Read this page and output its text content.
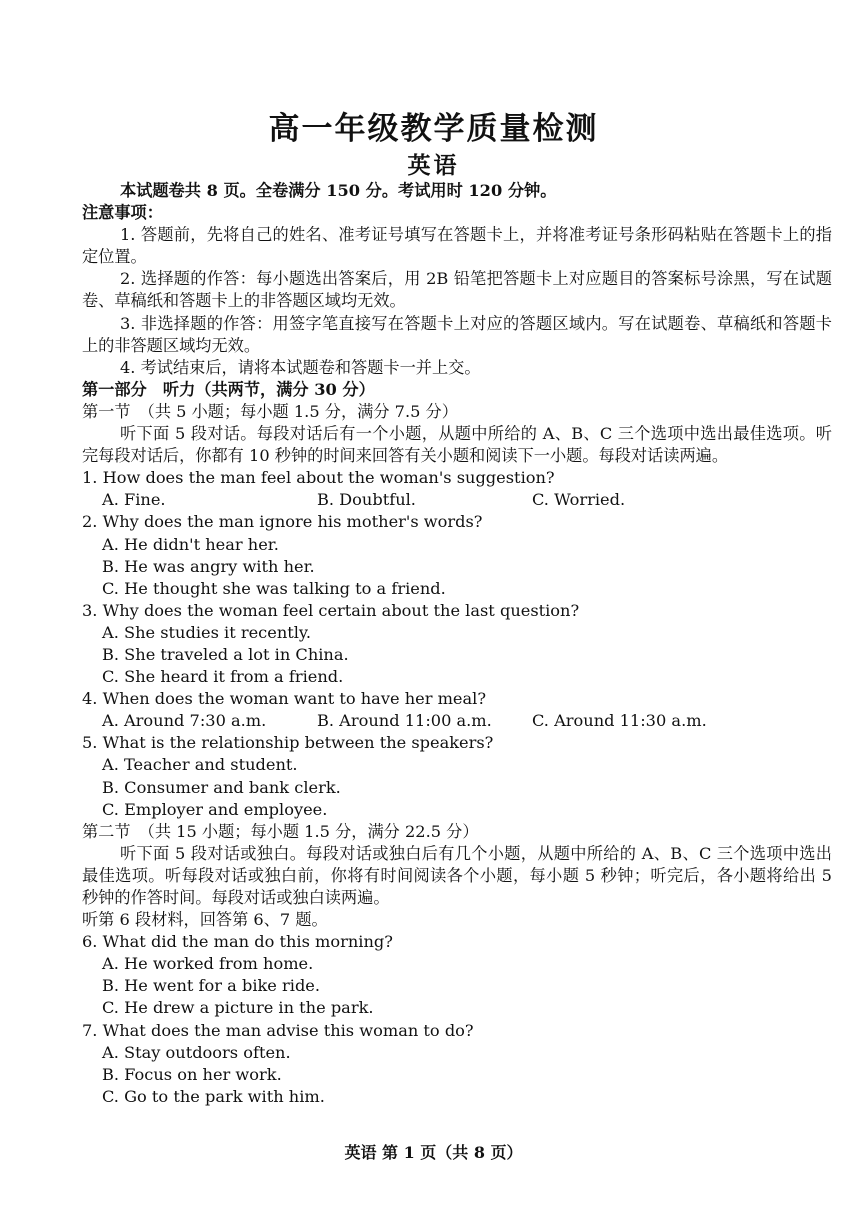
高一年级教学质量检测
英语
本试题卷共 8 页。全卷满分 150 分。考试用时 120 分钟。
注意事项：
1. 答题前，先将自己的姓名、准考证号填写在答题卡上，并将准考证号条形码粘贴在答题卡上的指定位置。
2. 选择题的作答：每小题选出答案后，用 2B 铅笔把答题卡上对应题目的答案标号涂黑，写在试题卷、草稿纸和答题卡上的非答题区域均无效。
3. 非选择题的作答：用签字笔直接写在答题卡上对应的答题区域内。写在试题卷、草稿纸和答题卡上的非答题区域均无效。
4. 考试结束后，请将本试题卷和答题卡一并上交。
第一部分　听力（共两节，满分 30 分）
第一节　（共 5 小题；每小题 1.5 分，满分 7.5 分）
听下面 5 段对话。每段对话后有一个小题，从题中所给的 A、B、C 三个选项中选出最佳选项。听完每段对话后，你都有 10 秒钟的时间来回答有关小题和阅读下一小题。每段对话读两遍。
1. How does the man feel about the woman's suggestion?
A. Fine.	B. Doubtful.	C. Worried.
2. Why does the man ignore his mother's words?
A. He didn't hear her.
B. He was angry with her.
C. He thought she was talking to a friend.
3. Why does the woman feel certain about the last question?
A. She studies it recently.
B. She traveled a lot in China.
C. She heard it from a friend.
4. When does the woman want to have her meal?
A. Around 7:30 a.m.	B. Around 11:00 a.m.	C. Around 11:30 a.m.
5. What is the relationship between the speakers?
A. Teacher and student.
B. Consumer and bank clerk.
C. Employer and employee.
第二节　（共 15 小题；每小题 1.5 分，满分 22.5 分）
听下面 5 段对话或独白。每段对话或独白后有几个小题，从题中所给的 A、B、C 三个选项中选出最佳选项。听每段对话或独白前，你将有时间阅读各个小题，每小题 5 秒钟；听完后，各小题将给出 5 秒钟的作答时间。每段对话或独白读两遍。
听第 6 段材料，回答第 6、7 题。
6. What did the man do this morning?
A. He worked from home.
B. He went for a bike ride.
C. He drew a picture in the park.
7. What does the man advise this woman to do?
A. Stay outdoors often.
B. Focus on her work.
C. Go to the park with him.
英语 第 1 页（共 8 页）
